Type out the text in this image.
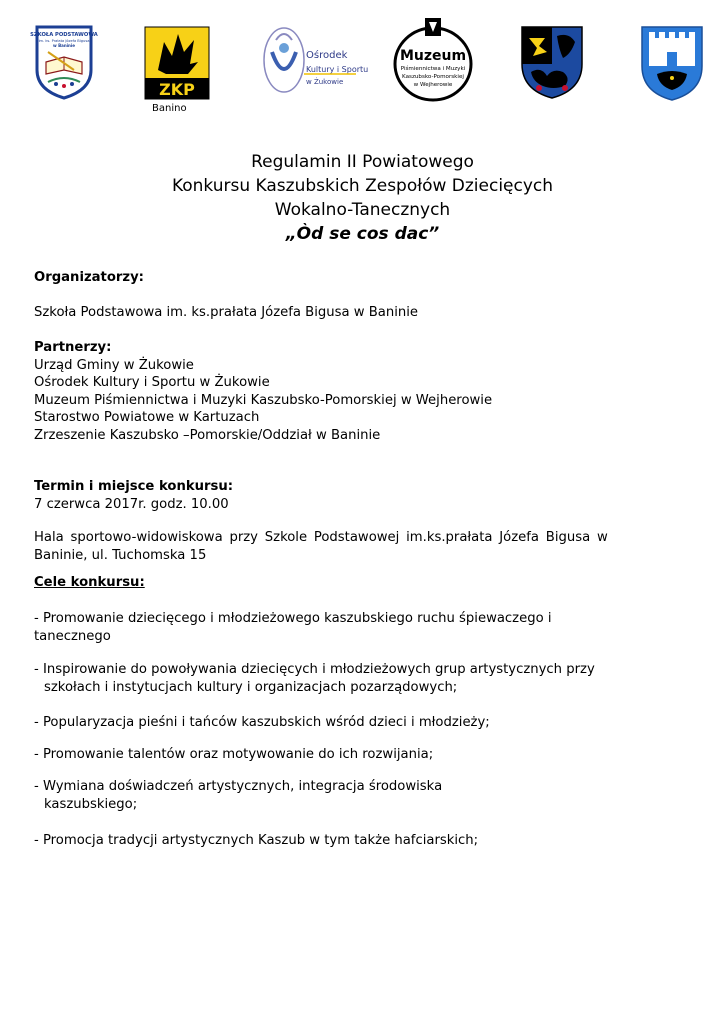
SZKOŁA PODSTAWOWA
im. ks. Prałata Józefa Bigusa
w Baninie
ZKP
Banino
Ośrodek
Kultury i Sportu
w Żukowie
Muzeum
Piśmiennictwa i Muzyki
Kaszubsko-Pomorskiej
w Wejherowie
Regulamin II Powiatowego
Konkursu Kaszubskich Zespołów Dziecięcych
Wokalno-Tanecznych
„Òd se cos dac”
Organizatorzy:
Szkoła Podstawowa im. ks.prałata Józefa Bigusa w Baninie
Partnerzy:
Urząd Gminy w Żukowie
Ośrodek Kultury i Sportu w Żukowie
Muzeum Piśmiennictwa i Muzyki Kaszubsko-Pomorskiej w Wejherowie
Starostwo Powiatowe w Kartuzach
Zrzeszenie Kaszubsko –Pomorskie/Oddział w Baninie
Termin i miejsce konkursu:
7 czerwca 2017r. godz. 10.00
Hala sportowo-widowiskowa przy Szkole Podstawowej im.ks.prałata Józefa Bigusa w
Baninie, ul. Tuchomska 15
Cele konkursu:
- Promowanie dziecięcego i młodzieżowego kaszubskiego ruchu śpiewaczego i
tanecznego
- Inspirowanie do powoływania dziecięcych i młodzieżowych grup artystycznych przy
szkołach i instytucjach kultury i organizacjach pozarządowych;
- Popularyzacja pieśni i tańców kaszubskich wśród dzieci i młodzieży;
- Promowanie talentów oraz motywowanie do ich rozwijania;
- Wymiana doświadczeń artystycznych, integracja środowiska
kaszubskiego;
- Promocja tradycji artystycznych Kaszub w tym także hafciarskich;
